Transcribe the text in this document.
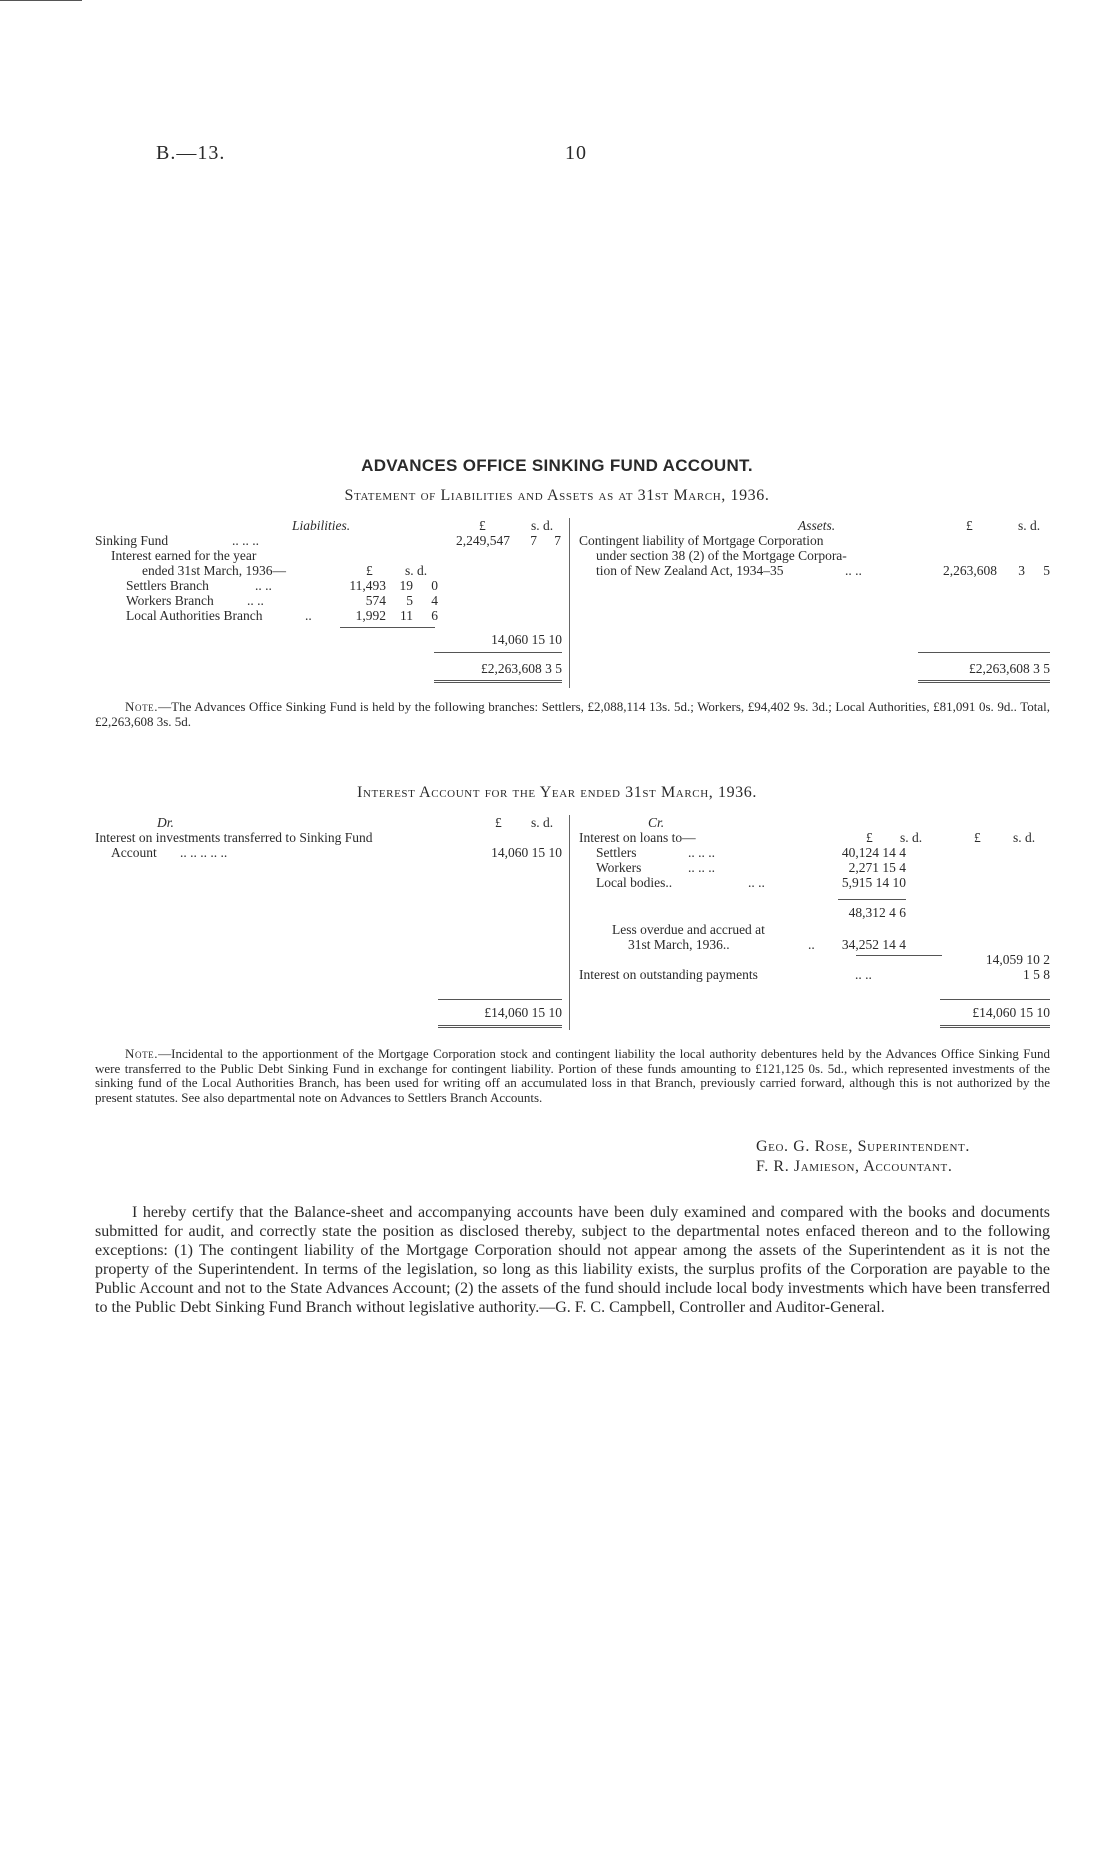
B.—13.	10
ADVANCES OFFICE SINKING FUND ACCOUNT.
Statement of Liabilities and Assets as at 31st March, 1936.
Liabilities.	£	s. d.
Sinking Fund	.. .. ..	2,249,547	7	7
Interest earned for the year
ended 31st March, 1936—	£ s. d.
Settlers Branch	.. ..	11,493	19	0
Workers Branch .. ..	574	5	4
Local Authorities Branch	..	1,992	11	6
14,060 15 10
£2,263,608 3 5
Assets.	£	s. d.
Contingent liability of Mortgage Corporation
under section 38 (2) of the Mortgage Corpora-
tion of New Zealand Act, 1934–35	.. ..	2,263,608	3	5
£2,263,608 3 5
Note.—The Advances Office Sinking Fund is held by the following branches: Settlers, £2,088,114 13s. 5d.; Workers, £94,402 9s. 3d.; Local Authorities, £81,091 0s. 9d.. Total, £2,263,608 3s. 5d.
Interest Account for the Year ended 31st March, 1936.
Dr.	£ s. d.
Interest on investments transferred to Sinking Fund
Account .. .. .. .. ..	14,060 15 10
£14,060 15 10
Cr.
Interest on loans to—	£ s. d.	£ s. d.
Settlers	.. .. ..	40,124 14 4
Workers	.. .. ..	2,271 15 4
Local bodies..	.. ..	5,915 14 10
48,312 4 6
Less overdue and accrued at
31st March, 1936..	..	34,252 14 4
14,059 10 2
Interest on outstanding payments	.. ..	1 5 8
£14,060 15 10
Note.—Incidental to the apportionment of the Mortgage Corporation stock and contingent liability the local authority debentures held by the Advances Office Sinking Fund were transferred to the Public Debt Sinking Fund in exchange for contingent liability. Portion of these funds amounting to £121,125 0s. 5d., which represented investments of the sinking fund of the Local Authorities Branch, has been used for writing off an accumulated loss in that Branch, previously carried forward, although this is not authorized by the present statutes. See also departmental note on Advances to Settlers Branch Accounts.
Geo. G. Rose, Superintendent.
F. R. Jamieson, Accountant.
I hereby certify that the Balance-sheet and accompanying accounts have been duly examined and compared with the books and documents submitted for audit, and correctly state the position as disclosed thereby, subject to the departmental notes enfaced thereon and to the following exceptions: (1) The contingent liability of the Mortgage Corporation should not appear among the assets of the Superintendent as it is not the property of the Superintendent. In terms of the legislation, so long as this liability exists, the surplus profits of the Corporation are payable to the Public Account and not to the State Advances Account; (2) the assets of the fund should include local body investments which have been transferred to the Public Debt Sinking Fund Branch without legislative authority.—G. F. C. Campbell, Controller and Auditor-General.
